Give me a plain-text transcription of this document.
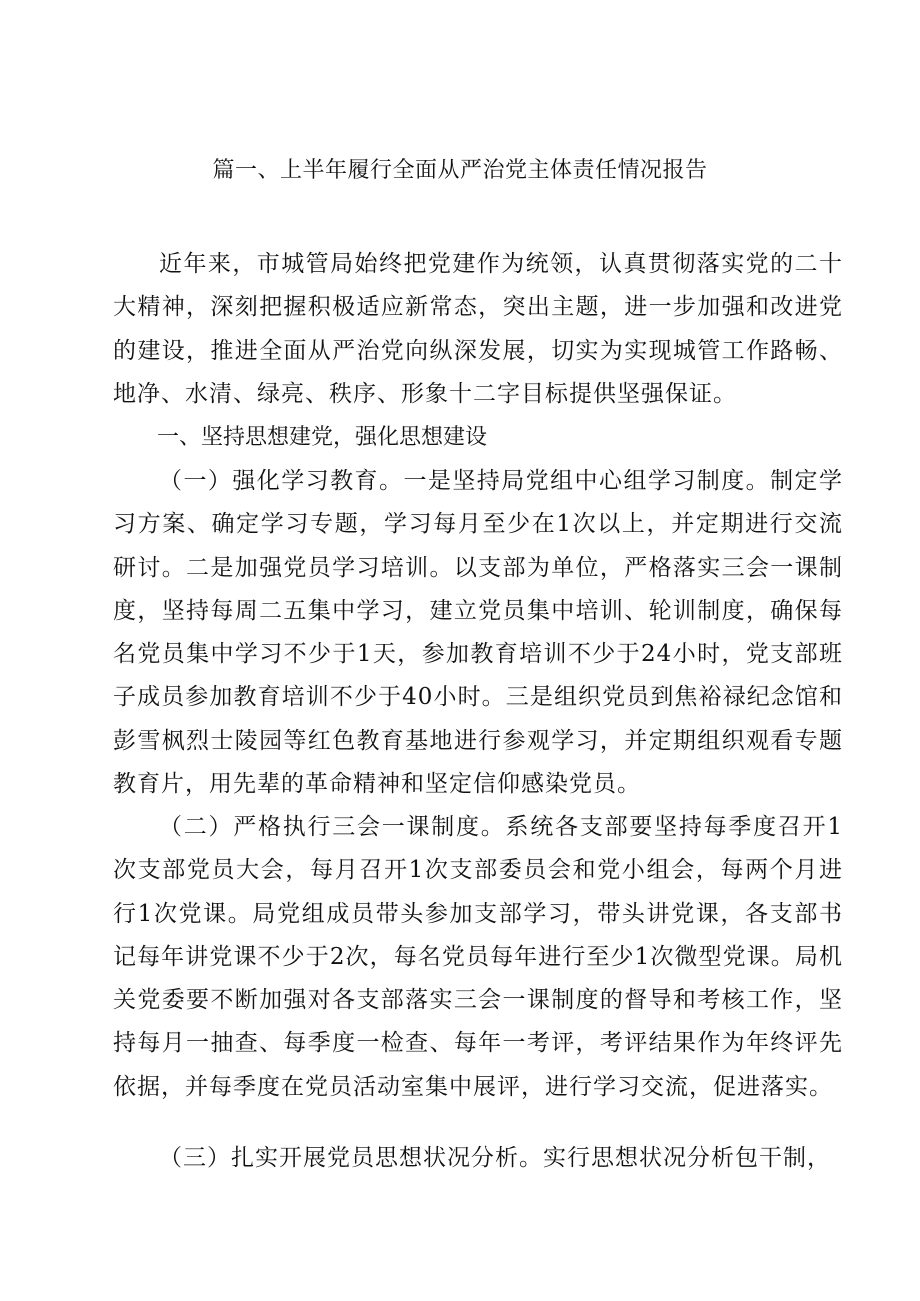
篇一、上半年履行全面从严治党主体责任情况报告

近年来，市城管局始终把党建作为统领，认真贯彻落实党的二十大精神，深刻把握积极适应新常态，突出主题，进一步加强和改进党的建设，推进全面从严治党向纵深发展，切实为实现城管工作路畅、地净、水清、绿亮、秩序、形象十二字目标提供坚强保证。

一、坚持思想建党，强化思想建设

（一）强化学习教育。一是坚持局党组中心组学习制度。制定学习方案、确定学习专题，学习每月至少在1次以上，并定期进行交流研讨。二是加强党员学习培训。以支部为单位，严格落实三会一课制度，坚持每周二五集中学习，建立党员集中培训、轮训制度，确保每名党员集中学习不少于1天，参加教育培训不少于24小时，党支部班子成员参加教育培训不少于40小时。三是组织党员到焦裕禄纪念馆和彭雪枫烈士陵园等红色教育基地进行参观学习，并定期组织观看专题教育片，用先辈的革命精神和坚定信仰感染党员。

（二）严格执行三会一课制度。系统各支部要坚持每季度召开1次支部党员大会，每月召开1次支部委员会和党小组会，每两个月进行1次党课。局党组成员带头参加支部学习，带头讲党课，各支部书记每年讲党课不少于2次，每名党员每年进行至少1次微型党课。局机关党委要不断加强对各支部落实三会一课制度的督导和考核工作，坚持每月一抽查、每季度一检查、每年一考评，考评结果作为年终评先依据，并每季度在党员活动室集中展评，进行学习交流，促进落实。

（三）扎实开展党员思想状况分析。实行思想状况分析包干制，
